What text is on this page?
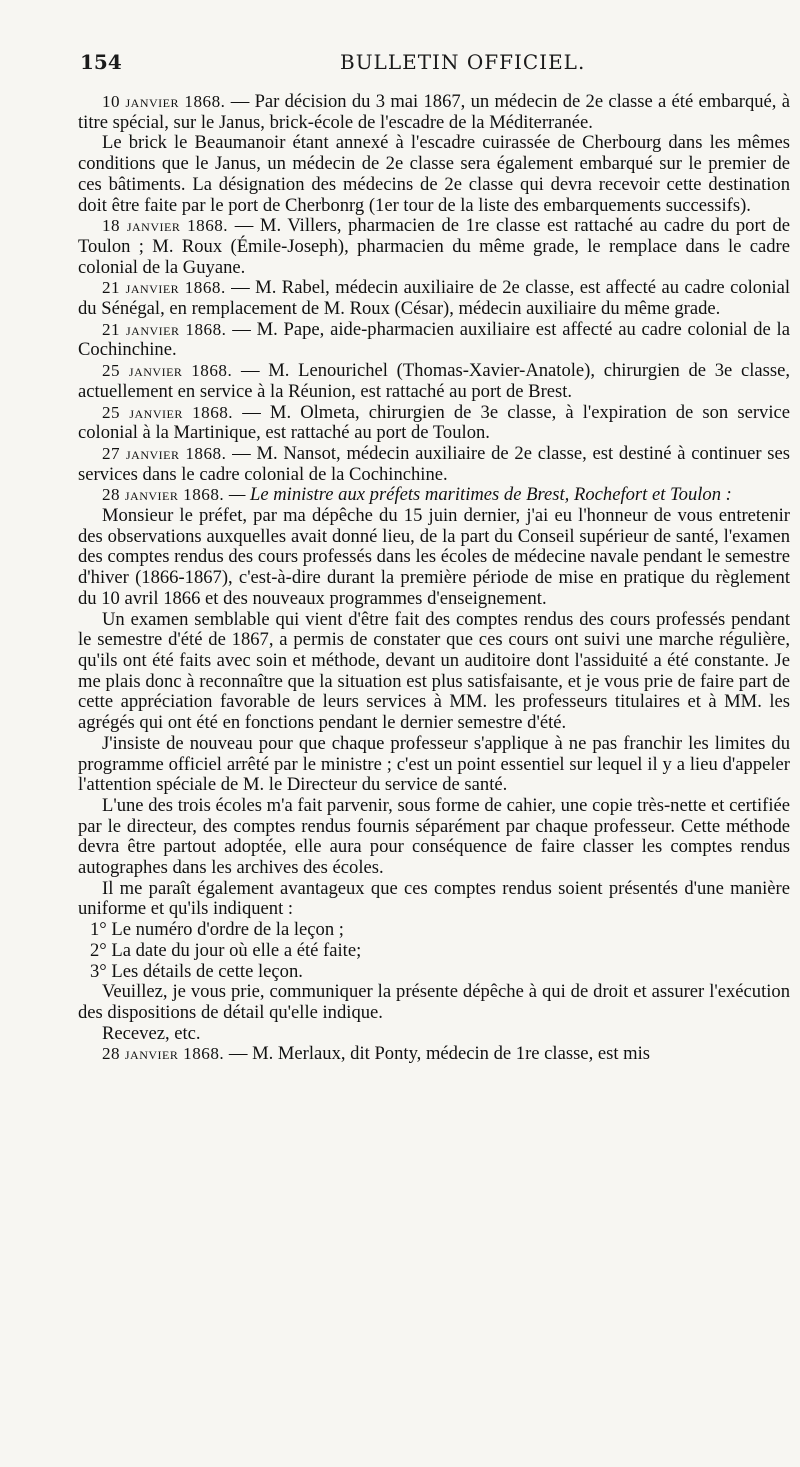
154	BULLETIN OFFICIEL.

10 janvier 1868. — Par décision du 3 mai 1867, un médecin de 2e classe a été embarqué, à titre spécial, sur le Janus, brick-école de l'escadre de la Méditerranée.

Le brick le Beaumanoir étant annexé à l'escadre cuirassée de Cherbourg dans les mêmes conditions que le Janus, un médecin de 2e classe sera également embarqué sur le premier de ces bâtiments. La désignation des médecins de 2e classe qui devra recevoir cette destination doit être faite par le port de Cherbonrg (1er tour de la liste des embarquements successifs).

18 janvier 1868. — M. Villers, pharmacien de 1re classe est rattaché au cadre du port de Toulon ; M. Roux (Émile-Joseph), pharmacien du même grade, le remplace dans le cadre colonial de la Guyane.

21 janvier 1868. — M. Rabel, médecin auxiliaire de 2e classe, est affecté au cadre colonial du Sénégal, en remplacement de M. Roux (César), médecin auxiliaire du même grade.

21 janvier 1868. — M. Pape, aide-pharmacien auxiliaire est affecté au cadre colonial de la Cochinchine.

25 janvier 1868. — M. Lenourichel (Thomas-Xavier-Anatole), chirurgien de 3e classe, actuellement en service à la Réunion, est rattaché au port de Brest.

25 janvier 1868. — M. Olmeta, chirurgien de 3e classe, à l'expiration de son service colonial à la Martinique, est rattaché au port de Toulon.

27 janvier 1868. — M. Nansot, médecin auxiliaire de 2e classe, est destiné à continuer ses services dans le cadre colonial de la Cochinchine.

28 janvier 1868. — Le ministre aux préfets maritimes de Brest, Rochefort et Toulon :

Monsieur le préfet, par ma dépêche du 15 juin dernier, j'ai eu l'honneur de vous entretenir des observations auxquelles avait donné lieu, de la part du Conseil supérieur de santé, l'examen des comptes rendus des cours professés dans les écoles de médecine navale pendant le semestre d'hiver (1866-1867), c'est-à-dire durant la première période de mise en pratique du règlement du 10 avril 1866 et des nouveaux programmes d'enseignement.

Un examen semblable qui vient d'être fait des comptes rendus des cours professés pendant le semestre d'été de 1867, a permis de constater que ces cours ont suivi une marche régulière, qu'ils ont été faits avec soin et méthode, devant un auditoire dont l'assiduité a été constante. Je me plais donc à reconnaître que la situation est plus satisfaisante, et je vous prie de faire part de cette appréciation favorable de leurs services à MM. les professeurs titulaires et à MM. les agrégés qui ont été en fonctions pendant le dernier semestre d'été.

J'insiste de nouveau pour que chaque professeur s'applique à ne pas franchir les limites du programme officiel arrêté par le ministre ; c'est un point essentiel sur lequel il y a lieu d'appeler l'attention spéciale de M. le Directeur du service de santé.

L'une des trois écoles m'a fait parvenir, sous forme de cahier, une copie très-nette et certifiée par le directeur, des comptes rendus fournis séparément par chaque professeur. Cette méthode devra être partout adoptée, elle aura pour conséquence de faire classer les comptes rendus autographes dans les archives des écoles.

Il me paraît également avantageux que ces comptes rendus soient présentés d'une manière uniforme et qu'ils indiquent :

1° Le numéro d'ordre de la leçon ;

2° La date du jour où elle a été faite;

3° Les détails de cette leçon.

Veuillez, je vous prie, communiquer la présente dépêche à qui de droit et assurer l'exécution des dispositions de détail qu'elle indique.

Recevez, etc.

28 janvier 1868. — M. Merlaux, dit Ponty, médecin de 1re classe, est mis
